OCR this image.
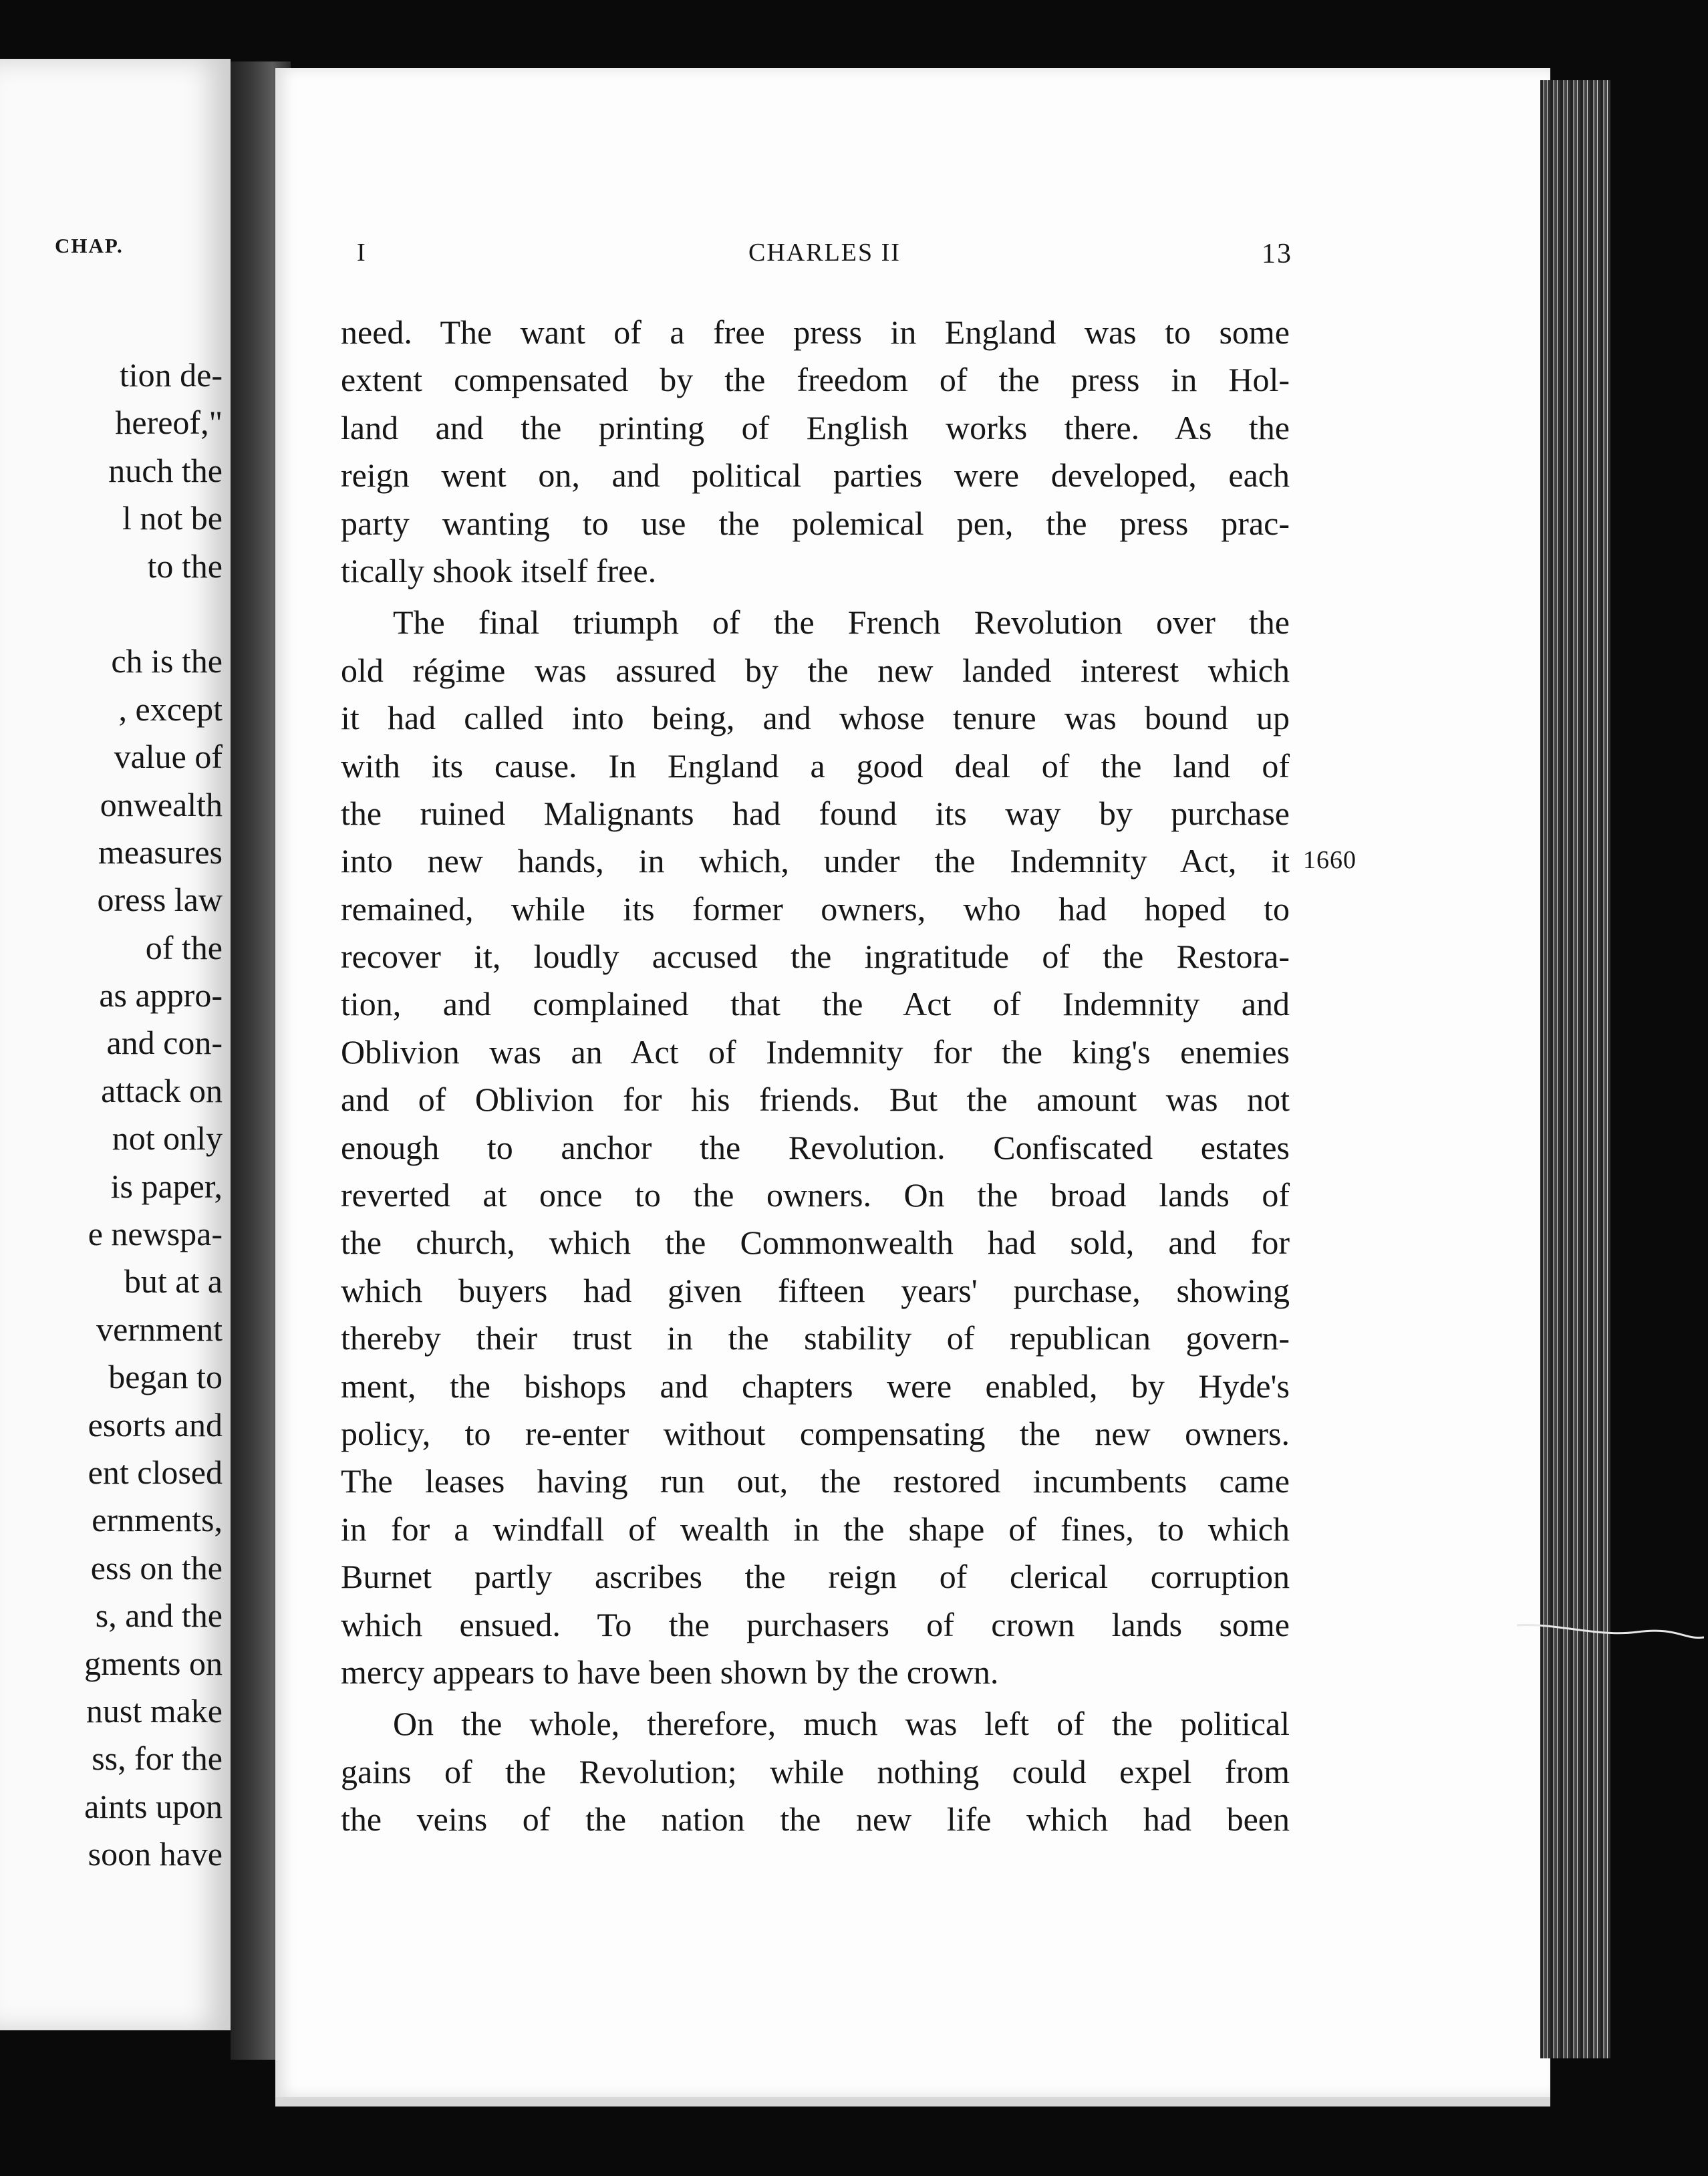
CHAP.
tion de-
hereof,"
nuch the
l not be
to the
ch is the
, except
value of
onwealth
measures
oress law
of the
as appro-
and con-
attack on
not only
is paper,
e newspa-
but at a
vernment
began to
esorts and
ent closed
ernments,
ess on the
s, and the
gments on
nust make
ss, for the
aints upon
soon have
I	CHARLES II	13
need. The want of a free press in England was to some
extent compensated by the freedom of the press in Hol-
land and the printing of English works there. As the
reign went on, and political parties were developed, each
party wanting to use the polemical pen, the press prac-
tically shook itself free.
The final triumph of the French Revolution over the
old régime was assured by the new landed interest which
it had called into being, and whose tenure was bound up
with its cause. In England a good deal of the land of
the ruined Malignants had found its way by purchase
into new hands, in which, under the Indemnity Act, it
remained, while its former owners, who had hoped to
recover it, loudly accused the ingratitude of the Restora-
tion, and complained that the Act of Indemnity and
Oblivion was an Act of Indemnity for the king's enemies
and of Oblivion for his friends. But the amount was not
enough to anchor the Revolution. Confiscated estates
reverted at once to the owners. On the broad lands of
the church, which the Commonwealth had sold, and for
which buyers had given fifteen years' purchase, showing
thereby their trust in the stability of republican govern-
ment, the bishops and chapters were enabled, by Hyde's
policy, to re-enter without compensating the new owners.
The leases having run out, the restored incumbents came
in for a windfall of wealth in the shape of fines, to which
Burnet partly ascribes the reign of clerical corruption
which ensued. To the purchasers of crown lands some
mercy appears to have been shown by the crown.
On the whole, therefore, much was left of the political
gains of the Revolution; while nothing could expel from
the veins of the nation the new life which had been
1660
